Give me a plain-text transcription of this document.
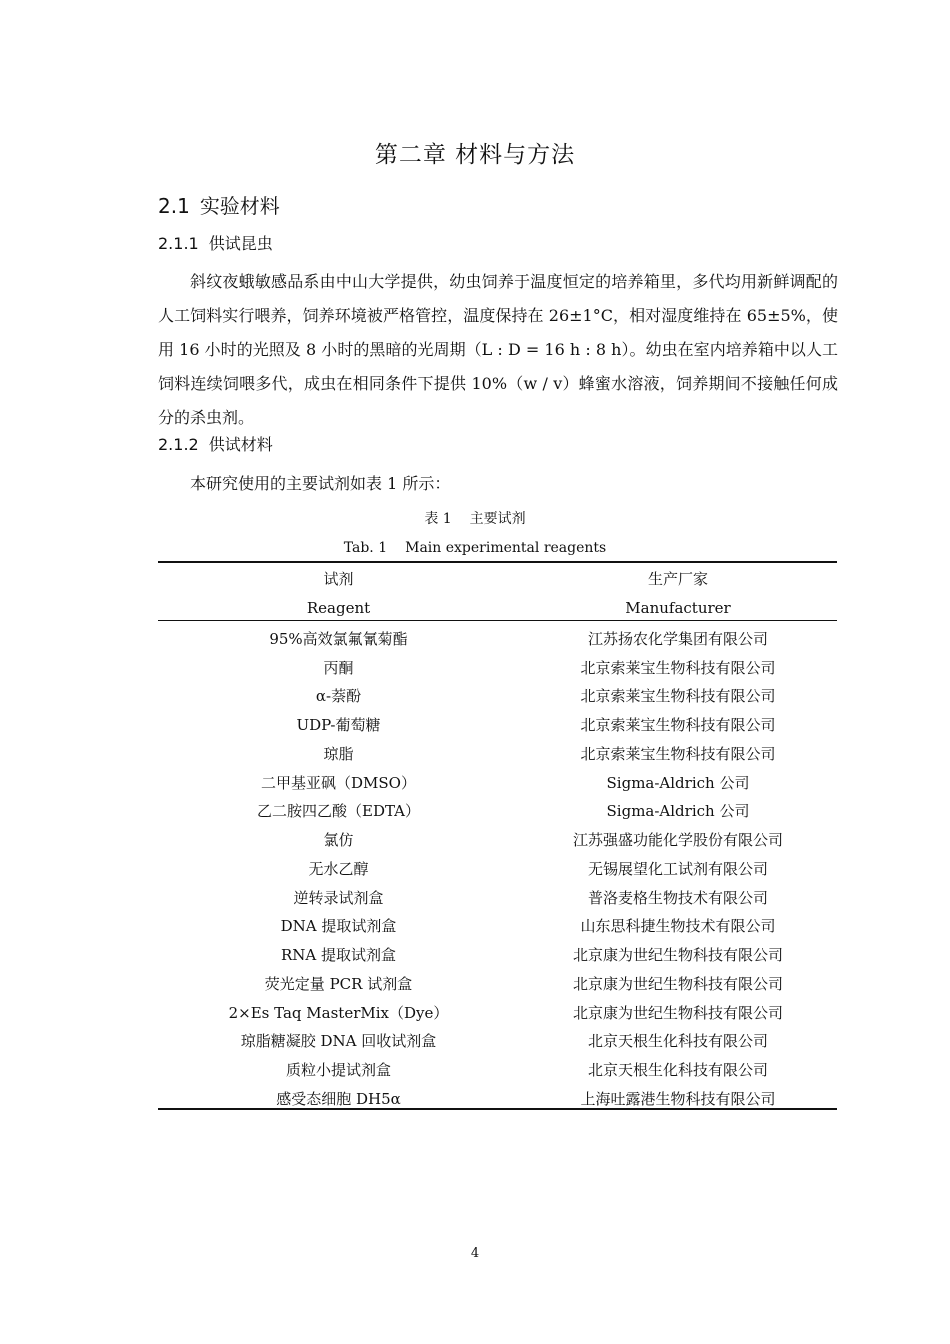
第二章 材料与方法
2.1 实验材料
2.1.1 供试昆虫
斜纹夜蛾敏感品系由中山大学提供，幼虫饲养于温度恒定的培养箱里，多代均用新鲜调配的人工饲料实行喂养，饲养环境被严格管控，温度保持在 26±1°C，相对湿度维持在 65±5%，使用 16 小时的光照及 8 小时的黑暗的光周期（L : D = 16 h : 8 h）。幼虫在室内培养箱中以人工饲料连续饲喂多代，成虫在相同条件下提供 10%（w / v）蜂蜜水溶液，饲养期间不接触任何成分的杀虫剂。
2.1.2 供试材料
本研究使用的主要试剂如表 1 所示：
表 1 主要试剂
Tab. 1 Main experimental reagents
试剂	生产厂家
Reagent	Manufacturer
95%高效氯氟氰菊酯	江苏扬农化学集团有限公司
丙酮	北京索莱宝生物科技有限公司
α-萘酚	北京索莱宝生物科技有限公司
UDP-葡萄糖	北京索莱宝生物科技有限公司
琼脂	北京索莱宝生物科技有限公司
二甲基亚砜（DMSO）	Sigma-Aldrich 公司
乙二胺四乙酸（EDTA）	Sigma-Aldrich 公司
氯仿	江苏强盛功能化学股份有限公司
无水乙醇	无锡展望化工试剂有限公司
逆转录试剂盒	普洛麦格生物技术有限公司
DNA 提取试剂盒	山东思科捷生物技术有限公司
RNA 提取试剂盒	北京康为世纪生物科技有限公司
荧光定量 PCR 试剂盒	北京康为世纪生物科技有限公司
2×Es Taq MasterMix（Dye）	北京康为世纪生物科技有限公司
琼脂糖凝胶 DNA 回收试剂盒	北京天根生化科技有限公司
质粒小提试剂盒	北京天根生化科技有限公司
感受态细胞 DH5α	上海吐露港生物科技有限公司
4
